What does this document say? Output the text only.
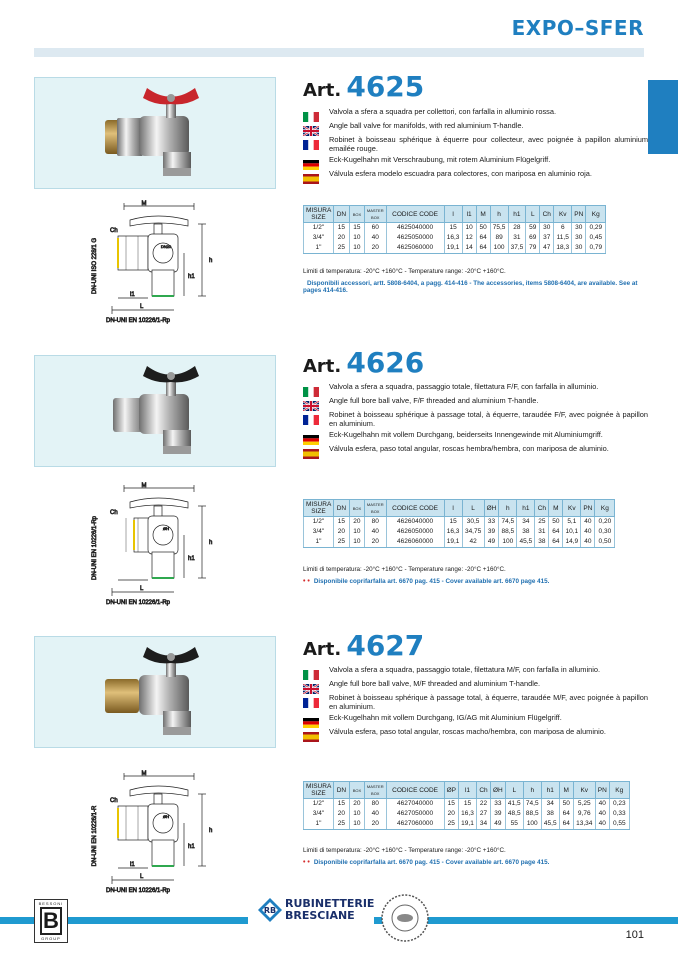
EXPO–SFER
M
Ch
h
h1
l1
L
DN20
DN-UNI ISO 228/1 G
DN-UNI EN 10226/1-Rp
Art. 4625
Valvola a sfera a squadra per collettori, con farfalla in alluminio rossa.
Angle ball valve for manifolds, with red aluminium T-handle.
Robinet à boisseau sphérique à équerre pour collecteur, avec poignée à papillon aluminium emailée rouge.
Eck-Kugelhahn mit Verschraubung, mit rotem Aluminium Flügelgriff.
Válvula esfera modelo escuadra para colectores, con mariposa en aluminio roja.
MISURA SIZE	DN	BOX	MASTER BOX	CODICE CODE	l	l1	M	h	h1	L	Ch	Kv	PN	Kg
1/2"	15	15	60	4625040000	15	10	50	75,5	28	59	30	6	30	0,29
3/4"	20	10	40	4625050000	16,3	12	64	89	31	69	37	11,5	30	0,45
1"	25	10	20	4625060000	19,1	14	64	100	37,5	79	47	18,3	30	0,79
Limiti di temperatura: -20°C +160°C - Temperature range: -20°C +160°C.
Disponibili accessori, artt. 5808-6404, a pagg. 414-416 - The accessories, items 5808-6404, are available. See at pages 414-416.
M
Ch
h
h1
L
ØH
DN-UNI EN 10226/1-Rp
DN-UNI EN 10226/1-Rp
Art. 4626
Valvola a sfera a squadra, passaggio totale, filettatura F/F, con farfalla in alluminio.
Angle full bore ball valve, F/F threaded and aluminium T-handle.
Robinet à boisseau sphérique à passage total, à équerre, taraudée F/F, avec poignée à papillon en aluminium.
Eck-Kugelhahn mit vollem Durchgang, beiderseits Innengewinde mit Aluminiumgriff.
Válvula esfera, paso total angular, roscas hembra/hembra, con mariposa de aluminio.
MISURA SIZE	DN	BOX	MASTER BOX	CODICE CODE	l	L	ØH	h	h1	Ch	M	Kv	PN	Kg
1/2"	15	20	80	4626040000	15	30,5	33	74,5	34	25	50	5,1	40	0,20
3/4"	20	10	40	4626050000	16,3	34,75	39	88,5	38	31	64	10,1	40	0,30
1"	25	10	20	4626060000	19,1	42	49	100	45,5	38	64	14,9	40	0,50
Limiti di temperatura: -20°C +160°C - Temperature range: -20°C +160°C.
• • Disponibile coprifarfalla art. 6670 pag. 415 - Cover available art. 6670 page 415.
M
Ch
h
h1
l1
L
ØH
DN-UNI EN 10226/1-R
DN-UNI EN 10226/1-Rp
Art. 4627
Valvola a sfera a squadra, passaggio totale, filettatura M/F, con farfalla in alluminio.
Angle full bore ball valve, M/F threaded and aluminium T-handle.
Robinet à boisseau sphérique à passage total, à équerre, taraudée M/F, avec poignée à papillon en aluminium.
Eck-Kugelhahn mit vollem Durchgang, IG/AG mit Aluminium Flügelgriff.
Válvula esfera, paso total angular, roscas macho/hembra, con mariposa de aluminio.
MISURA SIZE	DN	BOX	MASTER BOX	CODICE CODE	ØP	l1	Ch	ØH	L	h	h1	M	Kv	PN	Kg
1/2"	15	20	80	4627040000	15	15	22	33	41,5	74,5	34	50	5,25	40	0,23
3/4"	20	10	40	4627050000	20	16,3	27	39	48,5	88,5	38	64	9,76	40	0,33
1"	25	10	20	4627060000	25	19,1	34	49	55	100	45,5	64	13,34	40	0,55
Limiti di temperatura: -20°C +160°C - Temperature range: -20°C +160°C.
• • Disponibile coprifarfalla art. 6670 pag. 415 - Cover available art. 6670 page 415.
BESSONI
B
GROUP
RB
RUBINETTERIE
BRESCIANE
101
